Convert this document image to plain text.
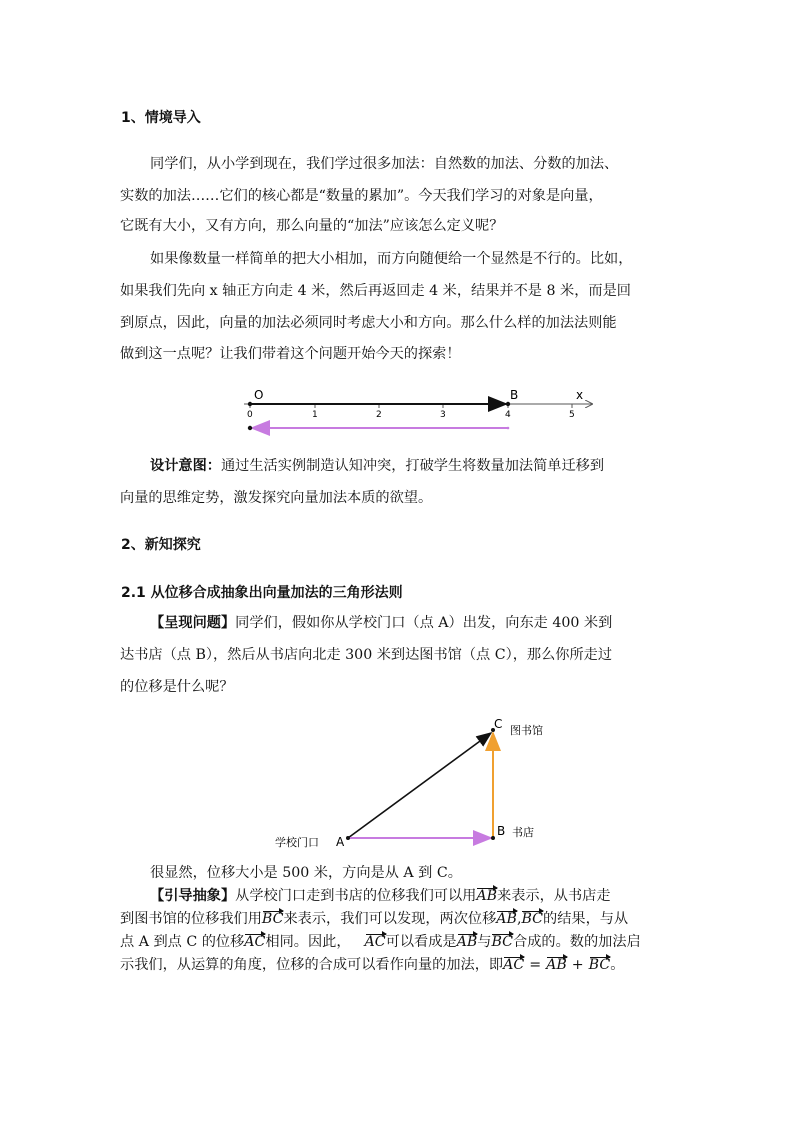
1、情境导入
同学们，从小学到现在，我们学过很多加法：自然数的加法、分数的加法、
实数的加法……它们的核心都是“数量的累加”。今天我们学习的对象是向量，
它既有大小，又有方向，那么向量的“加法”应该怎么定义呢？
如果像数量一样简单的把大小相加，而方向随便给一个显然是不行的。比如，
如果我们先向 x 轴正方向走 4 米，然后再返回走 4 米，结果并不是 8 米，而是回
到原点，因此，向量的加法必须同时考虑大小和方向。那么什么样的加法法则能
做到这一点呢？让我们带着这个问题开始今天的探索！
O	B	x
0	1	2	3	4	5
设计意图：通过生活实例制造认知冲突，打破学生将数量加法简单迁移到
向量的思维定势，激发探究向量加法本质的欲望。
2、新知探究
2.1 从位移合成抽象出向量加法的三角形法则
【呈现问题】同学们，假如你从学校门口（点 A）出发，向东走 400 米到
达书店（点 B），然后从书店向北走 300 米到达图书馆（点 C），那么你所走过
的位移是什么呢？
学校门口 A
B 书店
C 图书馆
很显然，位移大小是 500 米，方向是从 A 到 C。
【引导抽象】从学校门口走到书店的位移我们可以用AB来表示，从书店走
到图书馆的位移我们用BC来表示，我们可以发现，两次位移AB,BC的结果，与从
点 A 到点 C 的位移AC相同。因此， AC可以看成是AB与BC合成的。数的加法启
示我们，从运算的角度，位移的合成可以看作向量的加法，即AC = AB + BC。
